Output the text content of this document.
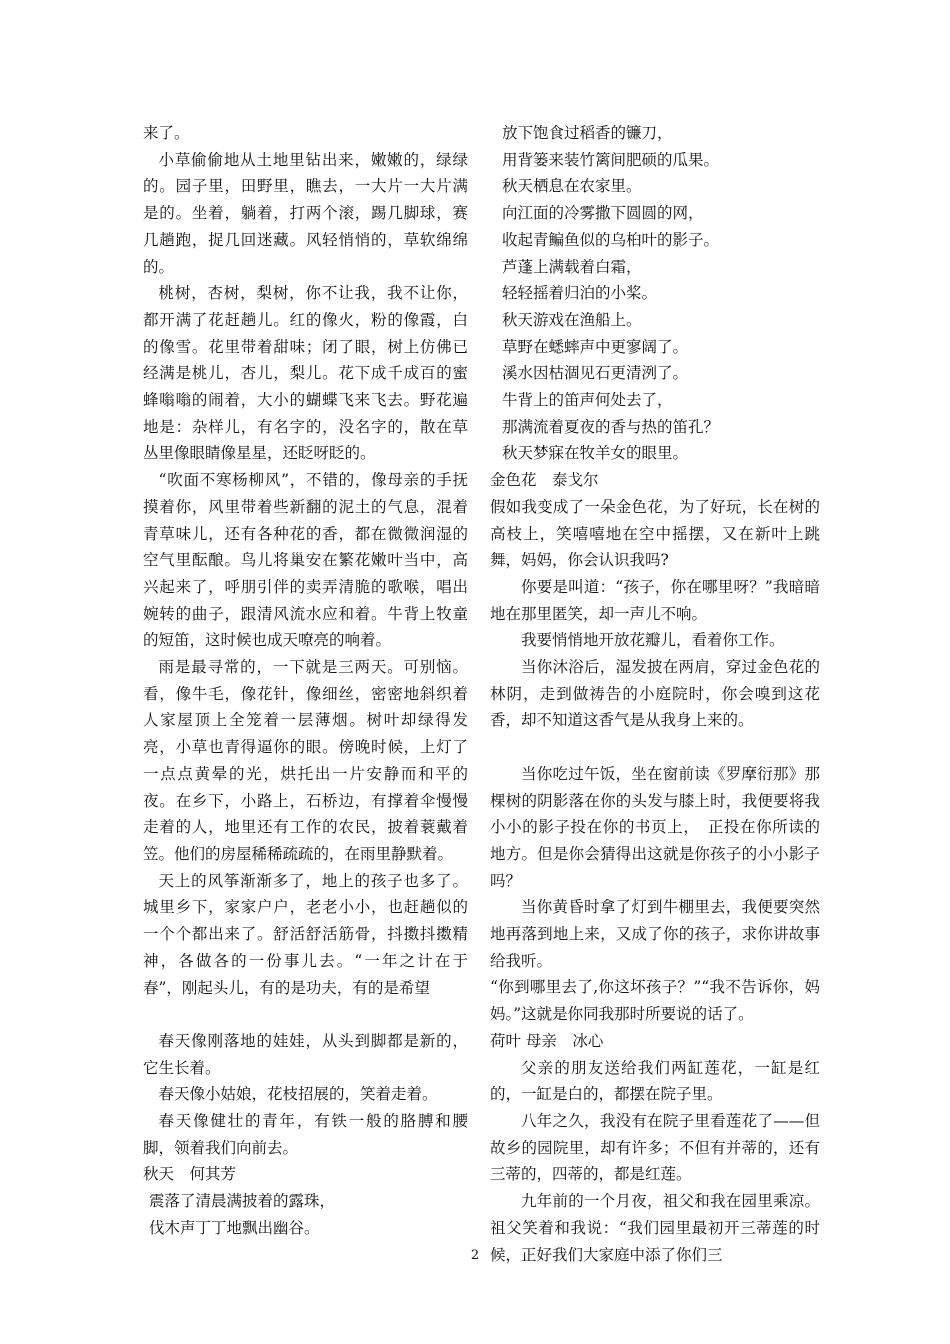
来了。

小草偷偷地从土地里钻出来，嫩嫩的，绿绿的。园子里，田野里，瞧去，一大片一大片满是的。坐着，躺着，打两个滚，踢几脚球，赛几趟跑，捉几回迷藏。风轻悄悄的，草软绵绵的。

桃树，杏树，梨树，你不让我，我不让你，都开满了花赶趟儿。红的像火，粉的像霞，白的像雪。花里带着甜味；闭了眼，树上仿佛已经满是桃儿，杏儿，梨儿。花下成千成百的蜜蜂嗡嗡的闹着，大小的蝴蝶飞来飞去。野花遍地是：杂样儿，有名字的，没名字的，散在草丛里像眼睛像星星，还眨呀眨的。

“吹面不寒杨柳风”，不错的，像母亲的手抚摸着你，风里带着些新翻的泥土的气息，混着青草味儿，还有各种花的香，都在微微润湿的空气里酝酿。鸟儿将巢安在繁花嫩叶当中，高兴起来了，呼朋引伴的卖弄清脆的歌喉，唱出婉转的曲子，跟清风流水应和着。牛背上牧童的短笛，这时候也成天嘹亮的响着。

雨是最寻常的，一下就是三两天。可别恼。看，像牛毛，像花针，像细丝，密密地斜织着人家屋顶上全笼着一层薄烟。树叶却绿得发亮，小草也青得逼你的眼。傍晚时候，上灯了一点点黄晕的光，烘托出一片安静而和平的夜。在乡下，小路上，石桥边，有撑着伞慢慢走着的人，地里还有工作的农民，披着蓑戴着笠。他们的房屋稀稀疏疏的，在雨里静默着。

天上的风筝渐渐多了，地上的孩子也多了。城里乡下，家家户户，老老小小，也赶趟似的一个个都出来了。舒活舒活筋骨，抖擞抖擞精神，各做各的一份事儿去。“一年之计在于春”，刚起头儿，有的是功夫，有的是希望

春天像刚落地的娃娃，从头到脚都是新的，它生长着。

春天像小姑娘，花枝招展的，笑着走着。

春天像健壮的青年，有铁一般的胳膊和腰脚，领着我们向前去。

秋天　何其芳

震落了清晨满披着的露珠，

伐木声丁丁地飘出幽谷。

放下饱食过稻香的镰刀，

用背篓来装竹篱间肥硕的瓜果。

秋天栖息在农家里。

向江面的冷雾撒下圆圆的网，

收起青鳊鱼似的乌桕叶的影子。

芦蓬上满载着白霜，

轻轻摇着归泊的小桨。

秋天游戏在渔船上。

草野在蟋蟀声中更寥阔了。

溪水因枯涸见石更清洌了。

牛背上的笛声何处去了，

那满流着夏夜的香与热的笛孔？

秋天梦寐在牧羊女的眼里。

金色花　泰戈尔

假如我变成了一朵金色花，为了好玩，长在树的高枝上，笑嘻嘻地在空中摇摆，又在新叶上跳舞，妈妈，你会认识我吗?

你要是叫道：“孩子，你在哪里呀？”我暗暗地在那里匿笑，却一声儿不响。

我要悄悄地开放花瓣儿，看着你工作。

当你沐浴后，湿发披在两肩，穿过金色花的林阴，走到做祷告的小庭院时，你会嗅到这花香，却不知道这香气是从我身上来的。

当你吃过午饭，坐在窗前读《罗摩衍那》那棵树的阴影落在你的头发与膝上时，我便要将我小小的影子投在你的书页上，　正投在你所读的地方。但是你会猜得出这就是你孩子的小小影子吗？

当你黄昏时拿了灯到牛棚里去，我便要突然地再落到地上来，又成了你的孩子，求你讲故事给我听。

“你到哪里去了,你这坏孩子？”“我不告诉你，妈妈。”这就是你同我那时所要说的话了。

荷叶 母亲　冰心

父亲的朋友送给我们两缸莲花，一缸是红的，一缸是白的，都摆在院子里。

八年之久，我没有在院子里看莲花了——但故乡的园院里，却有许多；不但有并蒂的，还有三蒂的，四蒂的，都是红莲。

九年前的一个月夜，祖父和我在园里乘凉。祖父笑着和我说：“我们园里最初开三蒂莲的时候，正好我们大家庭中添了你们三

2
